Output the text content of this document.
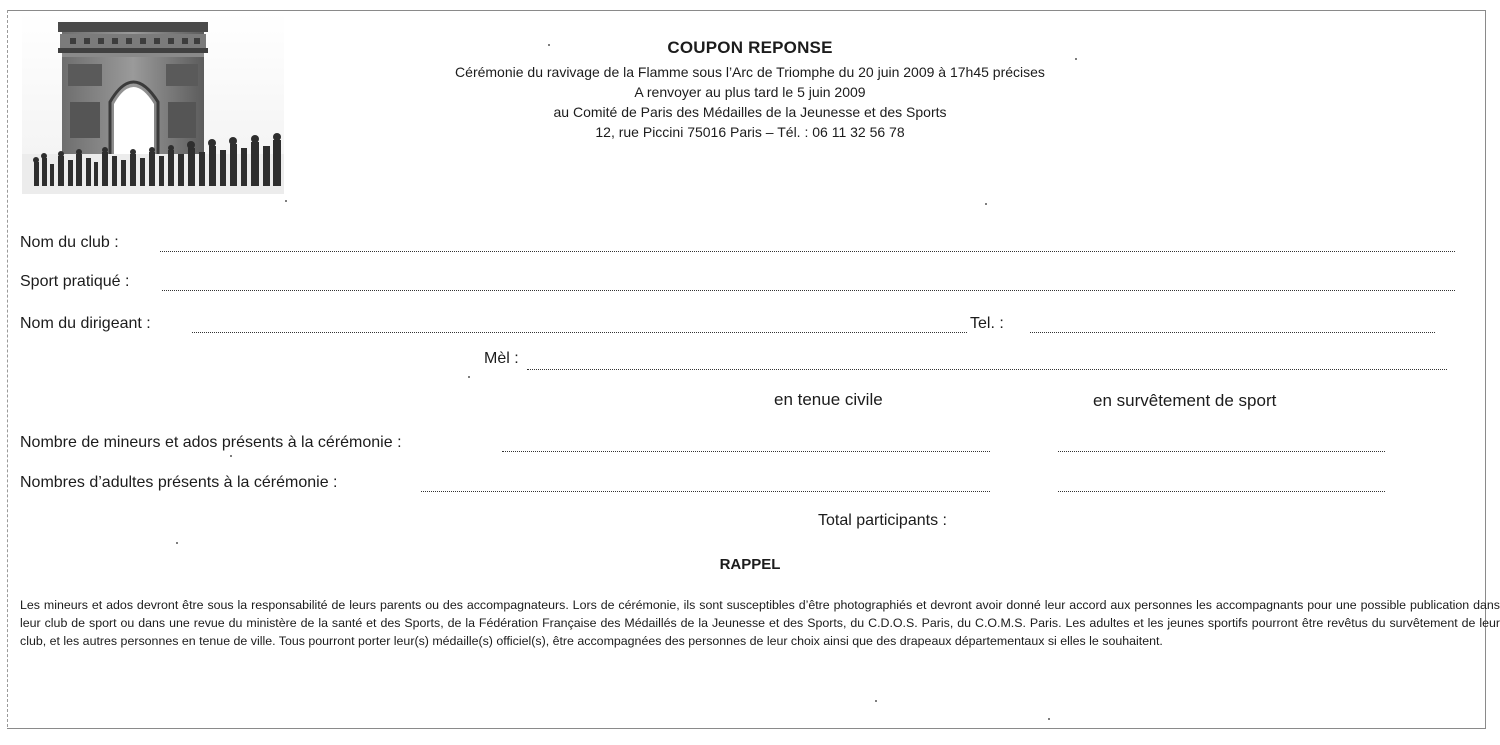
COUPON REPONSE
Cérémonie du ravivage de la Flamme sous l’Arc de Triomphe du 20 juin 2009 à 17h45 précises
A renvoyer au plus tard le 5 juin 2009
au Comité de Paris des Médailles de la Jeunesse et des Sports
12, rue Piccini 75016 Paris – Tél. : 06 11 32 56 78
Nom du club :
Sport pratiqué :
Nom du dirigeant :	Tel. :
Mèl :
en tenue civile	en survêtement de sport
Nombre de mineurs et ados présents à la cérémonie :
Nombres d’adultes présents à la cérémonie :
Total participants :
RAPPEL
Les mineurs et ados devront être sous la responsabilité de leurs parents ou des accompagnateurs. Lors de cérémonie, ils sont susceptibles d’être photographiés et devront avoir donné leur accord aux personnes les accompagnants pour une possible publication dans leur club de sport ou dans une revue du ministère de la santé et des Sports, de la Fédération Française des Médaillés de la Jeunesse et des Sports, du C.D.O.S. Paris, du C.O.M.S. Paris. Les adultes et les jeunes sportifs pourront être revêtus du survêtement de leur club, et les autres personnes en tenue de ville. Tous pourront porter leur(s) médaille(s) officiel(s), être accompagnées des personnes de leur choix ainsi que des drapeaux départementaux si elles le souhaitent.
